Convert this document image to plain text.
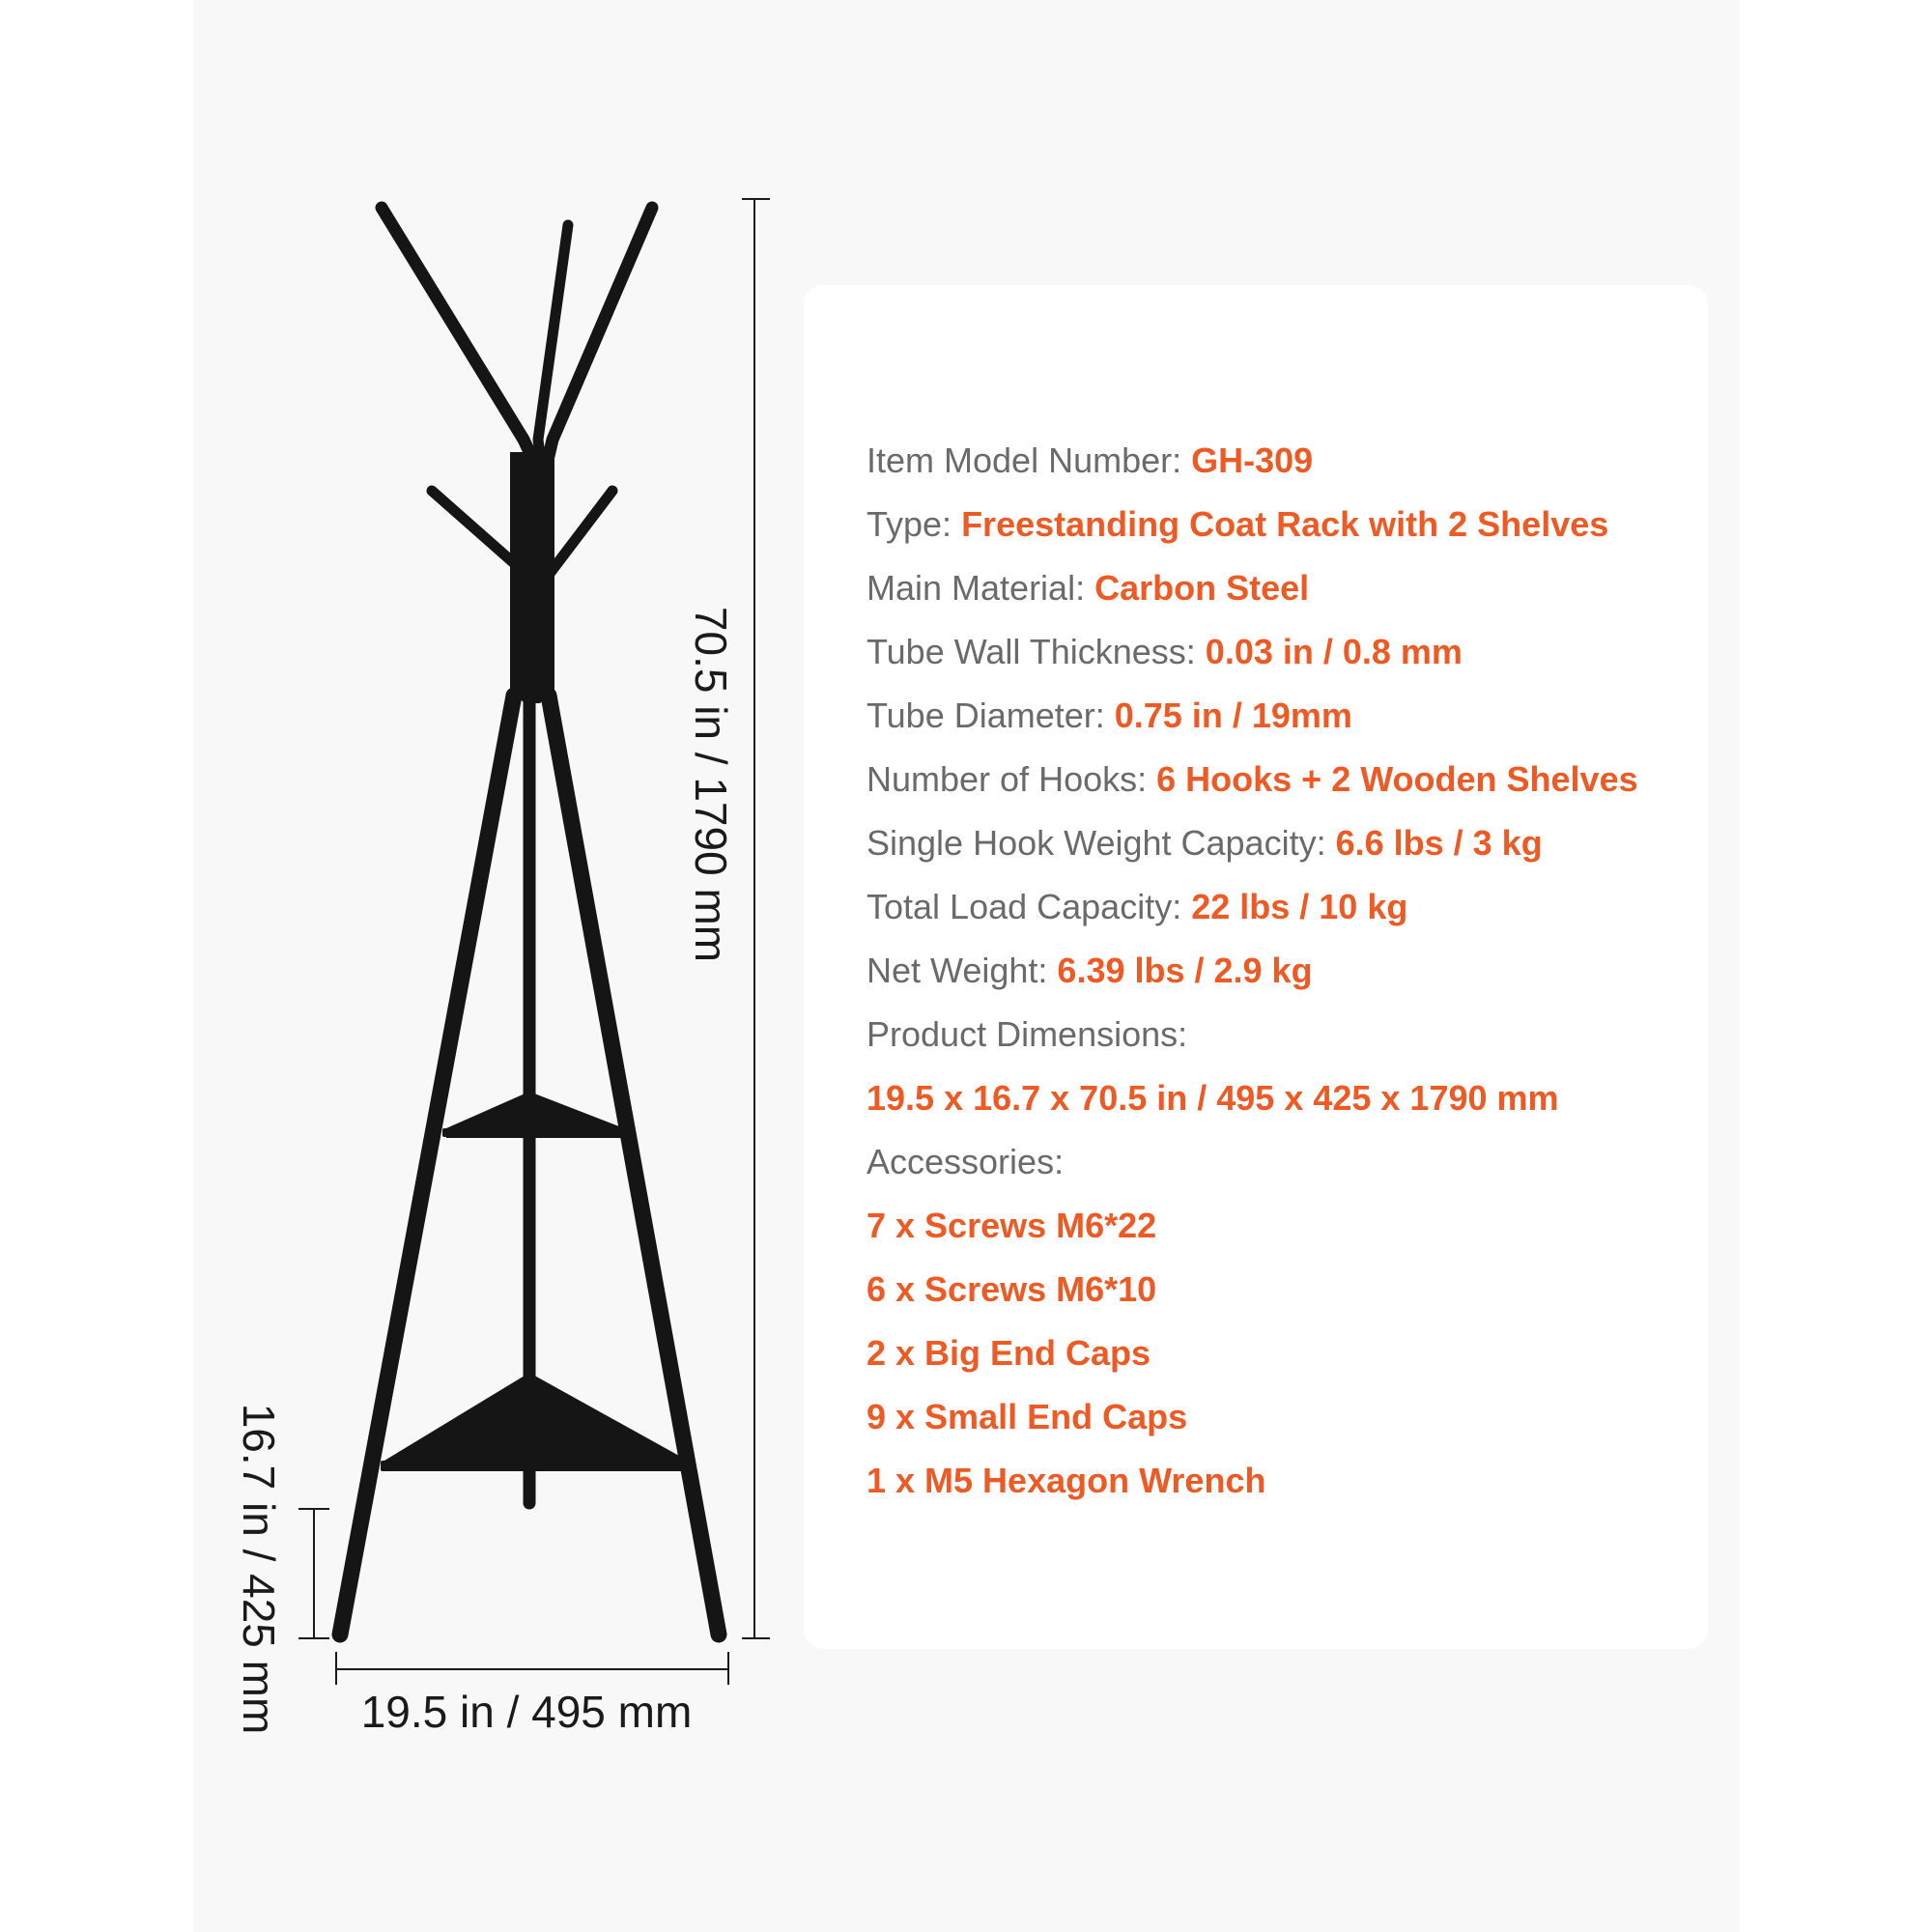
70.5 in / 1790 mm
16.7 in / 425 mm 19.5 in / 495 mm
Item Model Number: GH-309
Type: Freestanding Coat Rack with 2 Shelves
Main Material: Carbon Steel
Tube Wall Thickness: 0.03 in / 0.8 mm
Tube Diameter: 0.75 in / 19mm
Number of Hooks: 6 Hooks + 2 Wooden Shelves
Single Hook Weight Capacity: 6.6 lbs / 3 kg
Total Load Capacity: 22 lbs / 10 kg
Net Weight: 6.39 lbs / 2.9 kg
Product Dimensions:
19.5 x 16.7 x 70.5 in / 495 x 425 x 1790 mm
Accessories:
7 x Screws M6*22
6 x Screws M6*10
2 x Big End Caps
9 x Small End Caps
1 x M5 Hexagon Wrench
